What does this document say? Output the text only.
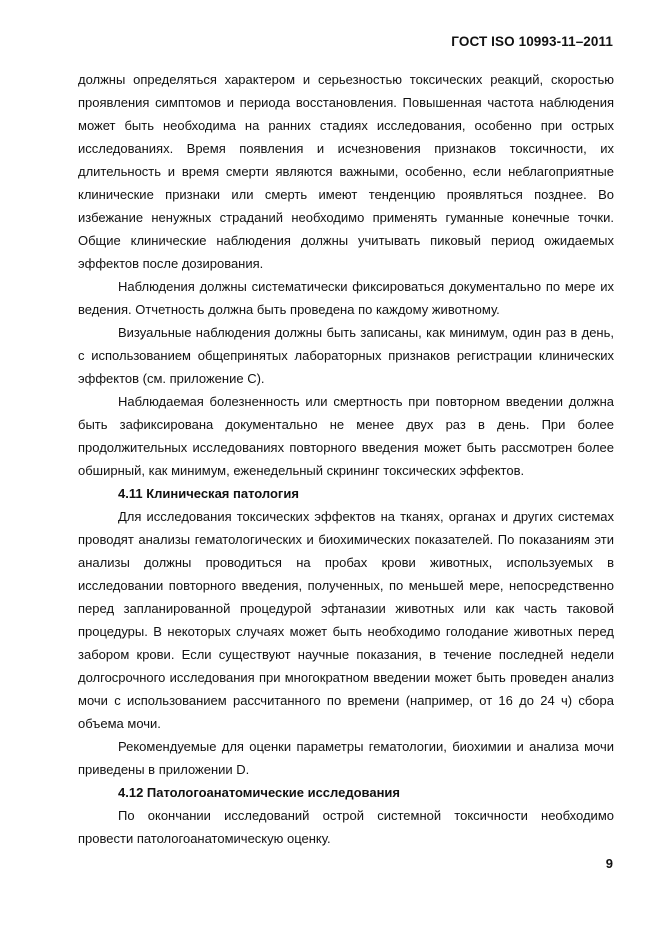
ГОСТ ISO 10993-11–2011

должны определяться характером и серьезностью токсических реакций, скоростью проявления симптомов и периода восстановления. Повышенная частота наблюдения может быть необходима на ранних стадиях исследования, особенно при острых исследованиях. Время появления и исчезновения признаков токсичности, их длительность и время смерти являются важными, особенно, если неблагоприятные клинические признаки или смерть имеют тенденцию проявляться позднее. Во избежание ненужных страданий необходимо применять гуманные конечные точки. Общие клинические наблюдения должны учитывать пиковый период ожидаемых эффектов после дозирования.

Наблюдения должны систематически фиксироваться документально по мере их ведения. Отчетность должна быть проведена по каждому животному.

Визуальные наблюдения должны быть записаны, как минимум, один раз в день, с использованием общепринятых лабораторных признаков регистрации клинических эффектов (см. приложение С).

Наблюдаемая болезненность или смертность при повторном введении должна быть зафиксирована документально не менее двух раз в день. При более продолжительных исследованиях повторного введения может быть рассмотрен более обширный, как минимум, еженедельный скрининг токсических эффектов.

4.11 Клиническая патология

Для исследования токсических эффектов на тканях, органах и других системах проводят анализы гематологических и биохимических показателей. По показаниям эти анализы должны проводиться на пробах крови животных, используемых в исследовании повторного введения, полученных, по меньшей мере, непосредственно перед запланированной процедурой эфтаназии животных или как часть таковой процедуры. В некоторых случаях может быть необходимо голодание животных перед забором крови. Если существуют научные показания, в течение последней недели долгосрочного исследования при многократном введении может быть проведен анализ мочи с использованием рассчитанного по времени (например, от 16 до 24 ч) сбора объема мочи.

Рекомендуемые для оценки параметры гематологии, биохимии и анализа мочи приведены в приложении D.

4.12 Патологоанатомические исследования

По окончании исследований острой системной токсичности необходимо провести патологоанатомическую оценку.

9
